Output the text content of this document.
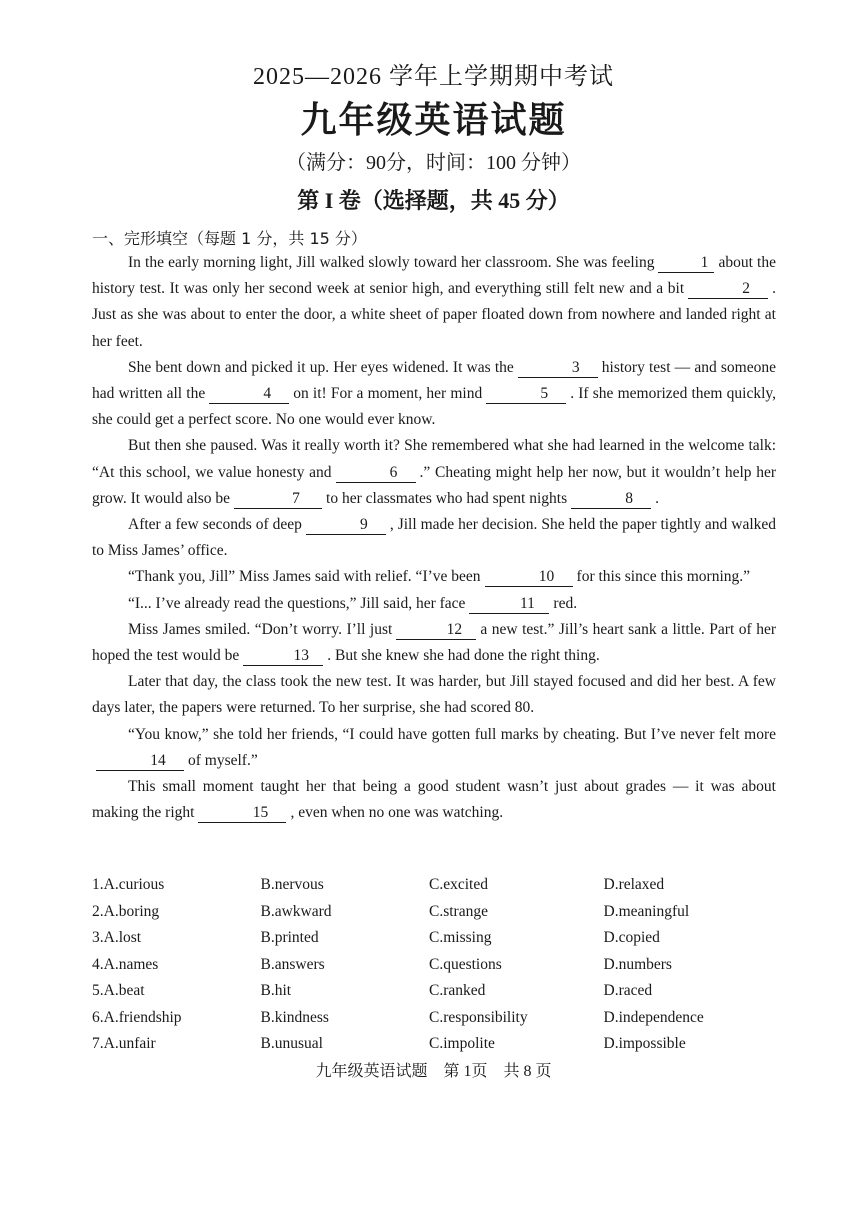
2025—2026 学年上学期期中考试
九年级英语试题
（满分：90分，时间：100 分钟）
第 I 卷（选择题，共 45 分）
一、完形填空（每题 1 分，共 15 分）

In the early morning light, Jill walked slowly toward her classroom. She was feeling	1 about the history test. It was only her second week at senior high, and everything still felt new and a bit	2 . Just as she was about to enter the door, a white sheet of paper floated down from nowhere and landed right at her feet.

She bent down and picked it up. Her eyes widened. It was the	3 history test — and someone had written all the	4 on it! For a moment, her mind	5 . If she memorized them quickly, she could get a perfect score. No one would ever know.

But then she paused. Was it really worth it? She remembered what she had learned in the welcome talk: “At this school, we value honesty and	6 .” Cheating might help her now, but it wouldn’t help her grow. It would also be	7 to her classmates who had spent nights	8 .

After a few seconds of deep	9 , Jill made her decision. She held the paper tightly and walked to Miss James’ office.

“Thank you, Jill” Miss James said with relief. “I’ve been	10 for this since this morning.”

“I... I’ve already read the questions,” Jill said, her face	11 red.

Miss James smiled. “Don’t worry. I’ll just	12 a new test.” Jill’s heart sank a little. Part of her hoped the test would be	13 . But she knew she had done the right thing.

Later that day, the class took the new test. It was harder, but Jill stayed focused and did her best. A few days later, the papers were returned. To her surprise, she had scored 80.

“You know,” she told her friends, “I could have gotten full marks by cheating. But I’ve never felt more14 of myself.”

This small moment taught her that being a good student wasn’t just about grades — it was about making the right	15 , even when no one was watching.

1.A.curious	B.nervous	C.excited	D.relaxed
2.A.boring	B.awkward	C.strange	D.meaningful
3.A.lost	B.printed	C.missing	D.copied
4.A.names	B.answers	C.questions	D.numbers
5.A.beat	B.hit	C.ranked	D.raced
6.A.friendship	B.kindness	C.responsibility	D.independence
7.A.unfair	B.unusual	C.impolite	D.impossible
九年级英语试题 第 1页 共 8 页
